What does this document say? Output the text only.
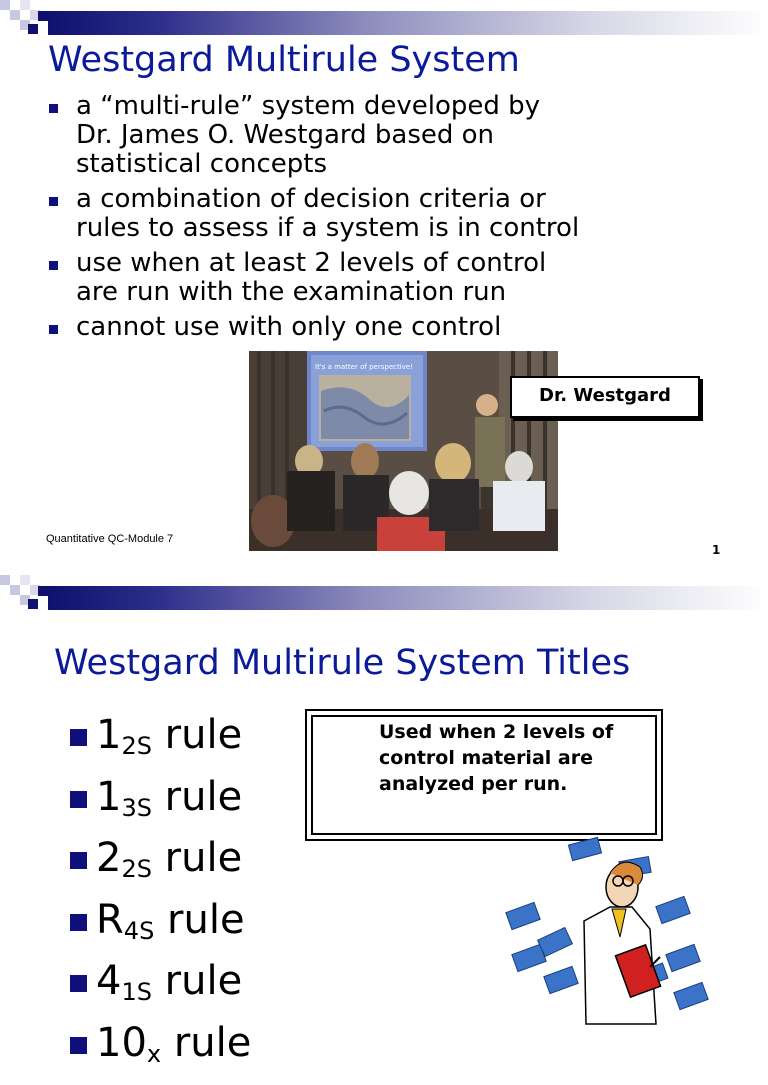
Westgard Multirule System
a “multi-rule” system developed by
Dr. James O. Westgard based on
statistical concepts
a combination of decision criteria or
rules to assess if a system is in control
use when at least 2 levels of control
are run with the examination run
cannot use with only one control
It's a matter of perspective!
Dr. Westgard
Quantitative QC-Module 7
1
Westgard Multirule System Titles
$1_{2S}$ rule
$1_{3S}$ rule
$2_{2S}$ rule
$R_{4S}$ rule
$4_{1S}$ rule
$10_x$ rule
Used when 2 levels of control material are analyzed per run.
